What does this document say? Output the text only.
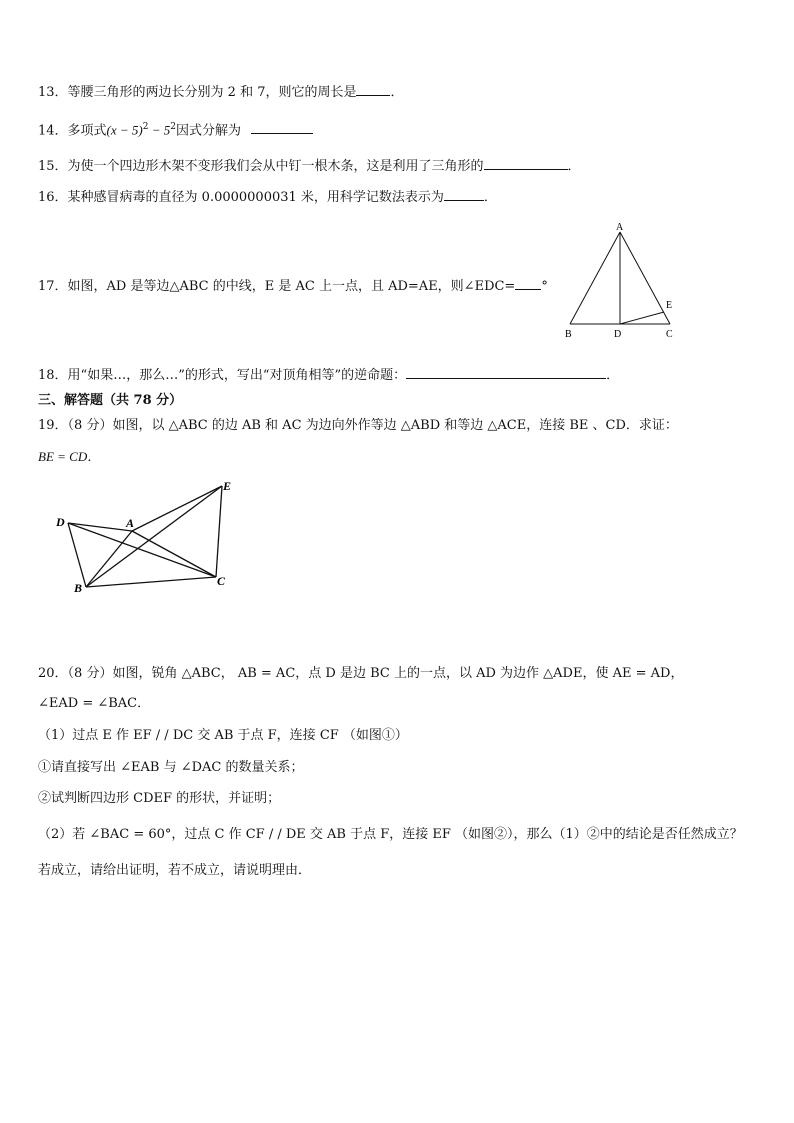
13．等腰三角形的两边长分别为 2 和 7，则它的周长是	．
14．多项式$(x - 5)^2 - 5^2$因式分解为
15．为使一个四边形木架不变形我们会从中钉一根木条，这是利用了三角形的	．
16．某种感冒病毒的直径为 0.0000000031 米，用科学记数法表示为	．
17．如图，AD 是等边△ABC 的中线，E 是 AC 上一点，且 AD=AE，则∠EDC= °
A
B	C
D
E
18．用“如果…，那么…”的形式，写出“对顶角相等”的逆命题：	．
三、解答题（共 78 分）
19．（8 分）如图，以 △ABC 的边 AB 和 AC 为边向外作等边 △ABD 和等边 △ACE，连接 BE 、CD．求证：
BE = CD．
A
B	C
D
E
20．（8 分）如图，锐角 △ABC， AB = AC，点 D 是边 BC 上的一点，以 AD 为边作 △ADE，使 AE = AD，
∠EAD = ∠BAC．
（1）过点 E 作 EF / / DC 交 AB 于点 F，连接 CF （如图①）
①请直接写出 ∠EAB 与 ∠DAC 的数量关系；
②试判断四边形 CDEF 的形状，并证明；
（2）若 ∠BAC = 60°，过点 C 作 CF / / DE 交 AB 于点 F，连接 EF （如图②），那么（1）②中的结论是否任然成立？
若成立，请给出证明，若不成立，请说明理由．
